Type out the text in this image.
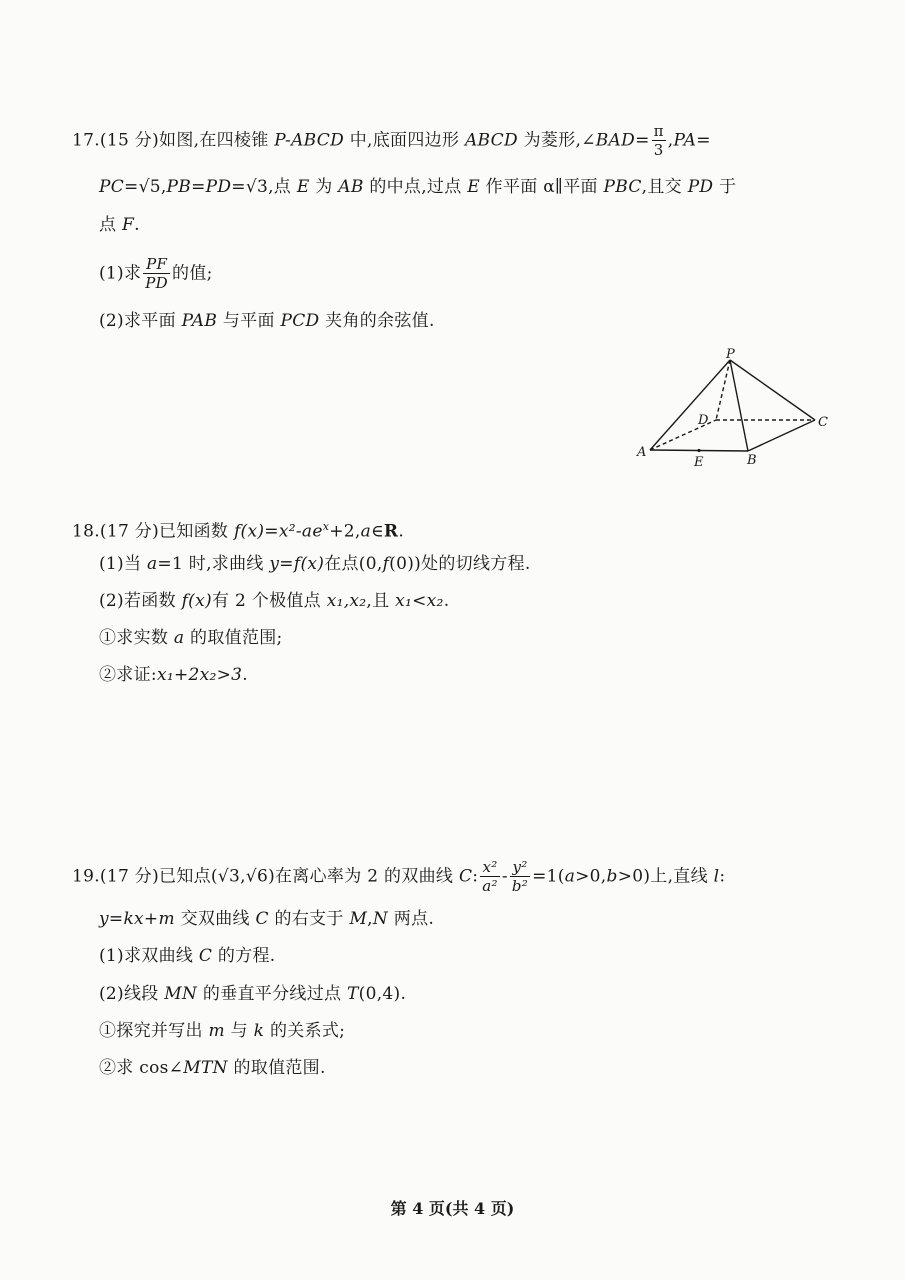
17.(15 分)如图,在四棱锥 P-ABCD 中,底面四边形 ABCD 为菱形,∠BAD= $\frac{\pi}{3} ,PA=$
PC=√5,PB=PD=√3,点 E 为 AB 的中点,过点 E 作平面 α∥平面 PBC,且交 PD 于
点 F.
(1)求 $\frac{PF}{PD}$ 的值;
(2)求平面 PAB 与平面 PCD 夹角的余弦值.
P
D	C
A
E	B
18.(17 分)已知函数 $f(x)=x^2-ae^x+2,a\in R$.
(1)当 a=1 时,求曲线 y=f(x)在点(0,f(0))处的切线方程.
(2)若函数 f(x)有 2 个极值点 x₁,x₂,且 x₁<x₂.
①求实数 a 的取值范围;
②求证:x₁+2x₂>3.
19.(17 分)已知点(√3,√6)在离心率为 2 的双曲线 C: $\frac{\text{x²}}{\text{a²}} - \frac{\text{y²}}{\text{b²}} =1(a>0,b>0)$上,直线 l:
y=kx+m 交双曲线 C 的右支于 M,N 两点.
(1)求双曲线 C 的方程.
(2)线段 MN 的垂直平分线过点 T(0,4).
①探究并写出 m 与 k 的关系式;
②求 cos∠MTN 的取值范围.
第 4 页(共 4 页)
